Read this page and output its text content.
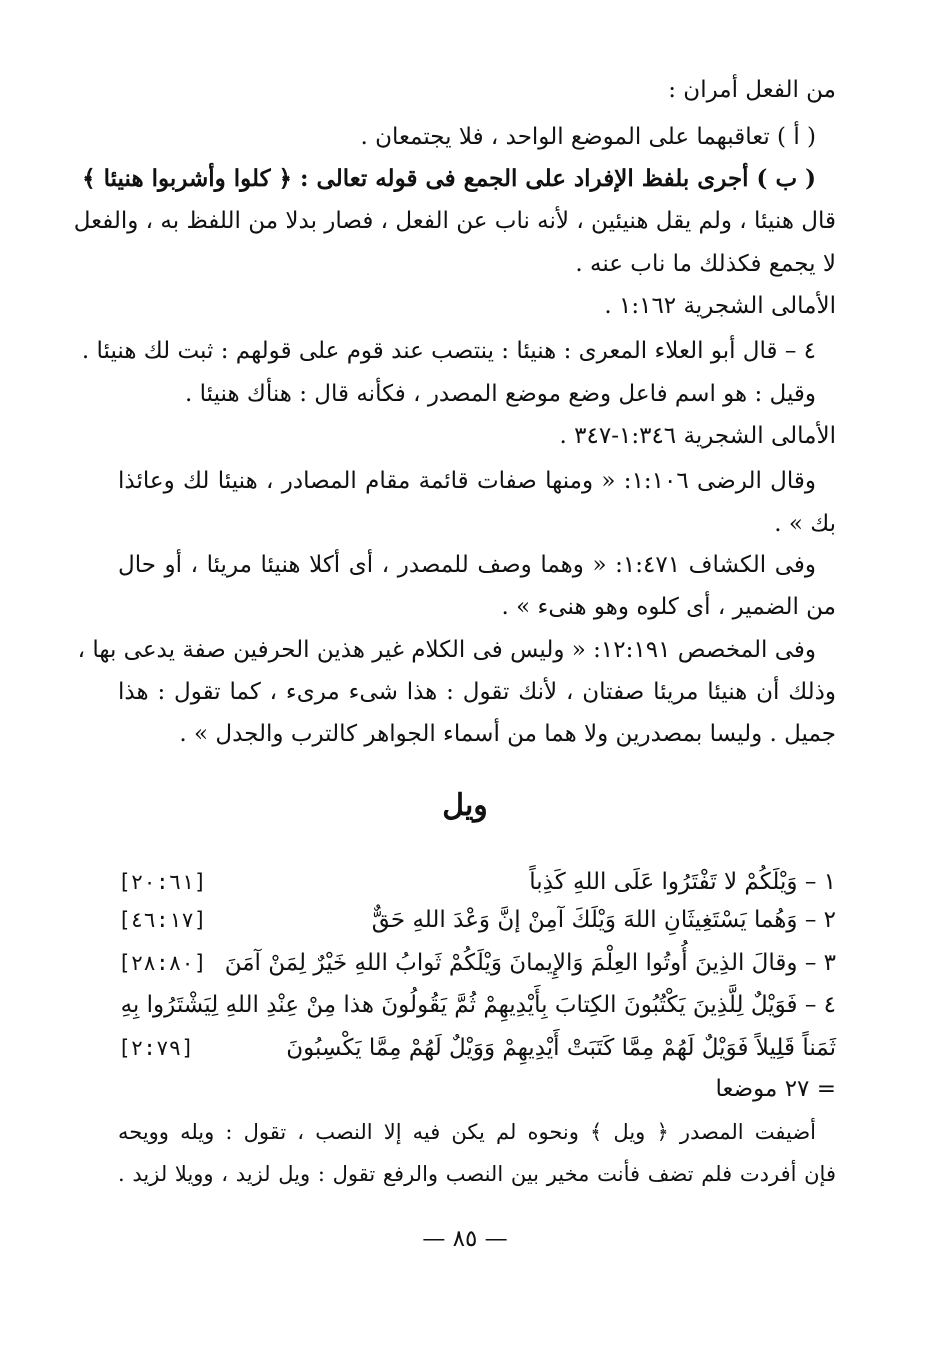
من الفعل أمران :
( أ ) تعاقبهما على الموضع الواحد ، فلا يجتمعان .
( ب ) أجرى بلفظ الإفراد على الجمع فى قوله تعالى : ﴿ كلوا وأشربوا هنيئا ﴾
قال هنيئا ، ولم يقل هنيئين ، لأنه ناب عن الفعل ، فصار بدلا من اللفظ به ، والفعل
لا يجمع فكذلك ما ناب عنه .
الأمالى الشجرية ١:١٦٢ .
٤ – قال أبو العلاء المعرى : هنيئا : ينتصب عند قوم على قولهم : ثبت لك هنيئا .
وقيل : هو اسم فاعل وضع موضع المصدر ، فكأنه قال : هنأك هنيئا .
الأمالى الشجرية ١:٣٤٦-٣٤٧ .
وقال الرضى ١:١٠٦: « ومنها صفات قائمة مقام المصادر ، هنيئا لك وعائذا
بك » .
وفى الكشاف ١:٤٧١: « وهما وصف للمصدر ، أى أكلا هنيئا مريئا ، أو حال
من الضمير ، أى كلوه وهو هنىء » .
وفى المخصص ١٢:١٩١: « وليس فى الكلام غير هذين الحرفين صفة يدعى بها ،
وذلك أن هنيئا مريئا صفتان ، لأنك تقول : هذا شىء مرىء ، كما تقول : هذا
جميل . وليسا بمصدرين ولا هما من أسماء الجواهر كالترب والجدل » .
ويل
١ – وَيْلَكُمْ لا تَفْتَرُوا عَلَى اللهِ كَذِباً
[٢٠:٦١]
٢ – وَهُما يَسْتَغِيثَانِ اللهَ وَيْلَكَ آمِنْ إنَّ وَعْدَ اللهِ حَقٌّ
[٤٦:١٧]
٣ – وقالَ الذِينَ أُوتُوا العِلْمَ وَالإِيمانَ وَيْلَكُمْ ثَوابُ اللهِ خَيْرٌ لِمَنْ آمَنَ
[٢٨:٨٠]
٤ – فَوَيْلٌ لِلَّذِينَ يَكْتُبُونَ الكِتابَ بِأَيْدِيهِمْ ثُمَّ يَقُولُونَ هذا مِنْ عِنْدِ اللهِ لِيَشْتَرُوا بِهِ
ثَمَناً قَلِيلاً فَوَيْلٌ لَهُمْ مِمَّا كَتَبَتْ أَيْدِيهِمْ وَوَيْلٌ لَهُمْ مِمَّا يَكْسِبُونَ
[٢:٧٩]
= ٢٧ موضعا
أضيفت المصدر ﴿ ويل ﴾ ونحوه لم يكن فيه إلا النصب ، تقول : ويله وويحه
فإن أفردت فلم تضف فأنت مخير بين النصب والرفع تقول : ويل لزيد ، وويلا لزيد .
— ٨٥ —
